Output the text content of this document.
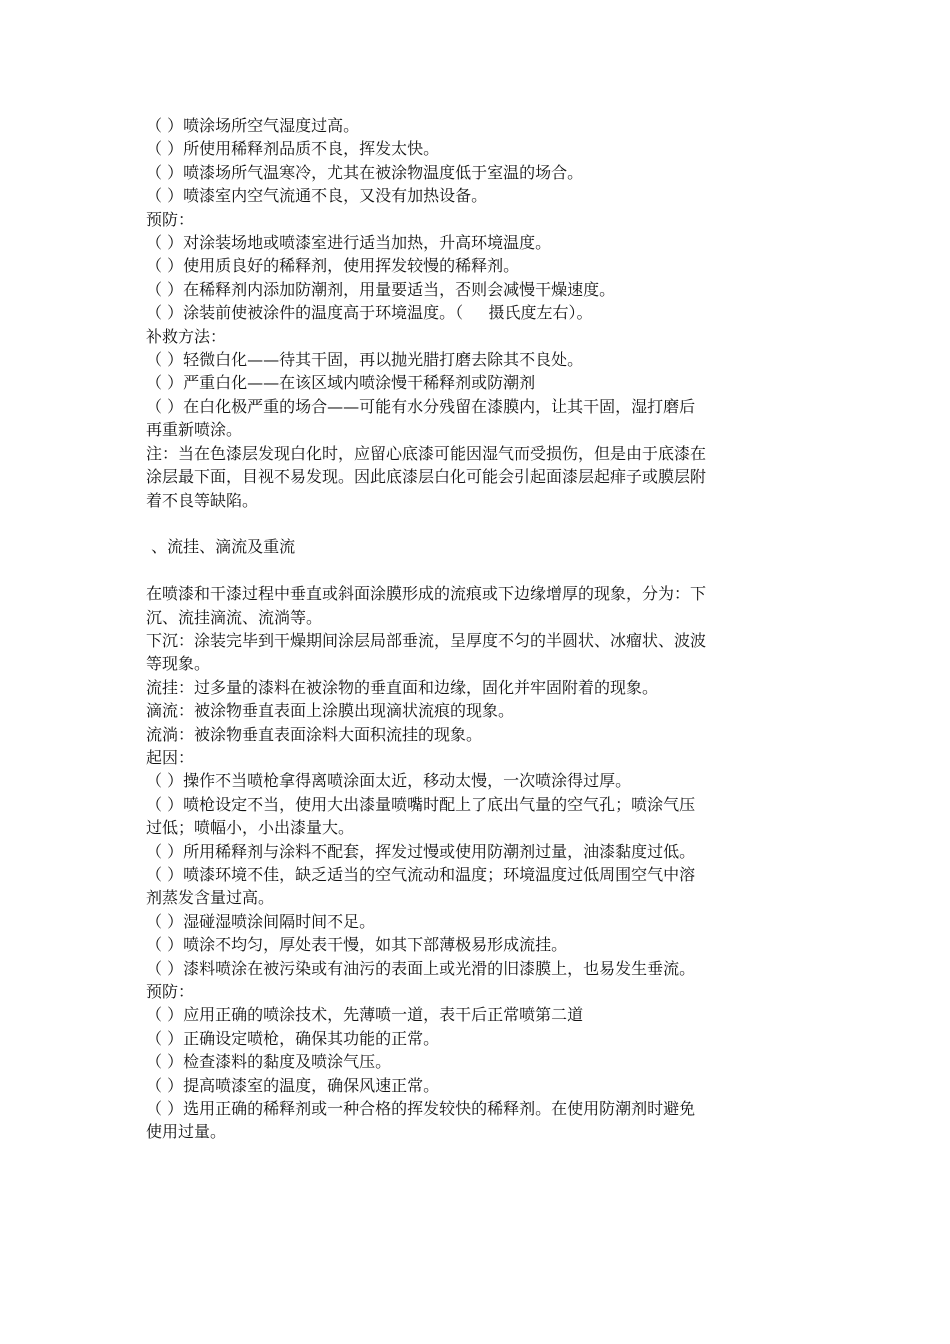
（ ）喷涂场所空气湿度过高。

（ ）所使用稀释剂品质不良，挥发太快。

（ ）喷漆场所气温寒冷，尤其在被涂物温度低于室温的场合。

（ ）喷漆室内空气流通不良，又没有加热设备。

预防：

（ ）对涂装场地或喷漆室进行适当加热，升高环境温度。

（ ）使用质良好的稀释剂，使用挥发较慢的稀释剂。

（ ）在稀释剂内添加防潮剂，用量要适当，否则会减慢干燥速度。

（ ）涂装前使被涂件的温度高于环境温度。（     摄氏度左右）。

补救方法：

（ ）轻微白化——待其干固，再以抛光腊打磨去除其不良处。

（ ）严重白化——在该区域内喷涂慢干稀释剂或防潮剂

（ ）在白化极严重的场合——可能有水分残留在漆膜内，让其干固，湿打磨后

再重新喷涂。

注：当在色漆层发现白化时，应留心底漆可能因湿气而受损伤，但是由于底漆在

涂层最下面，目视不易发现。因此底漆层白化可能会引起面漆层起痱子或膜层附

着不良等缺陷。

、流挂、滴流及重流

在喷漆和干漆过程中垂直或斜面涂膜形成的流痕或下边缘增厚的现象，分为：下

沉、流挂滴流、流淌等。

下沉：涂装完毕到干燥期间涂层局部垂流，呈厚度不匀的半圆状、冰瘤状、波波

等现象。

流挂：过多量的漆料在被涂物的垂直面和边缘，固化并牢固附着的现象。

滴流：被涂物垂直表面上涂膜出现滴状流痕的现象。

流淌：被涂物垂直表面涂料大面积流挂的现象。

起因：

（ ）操作不当喷枪拿得离喷涂面太近，移动太慢，一次喷涂得过厚。

（ ）喷枪设定不当，使用大出漆量喷嘴时配上了底出气量的空气孔；喷涂气压

过低；喷幅小，小出漆量大。

（ ）所用稀释剂与涂料不配套，挥发过慢或使用防潮剂过量，油漆黏度过低。

（ ）喷漆环境不佳，缺乏适当的空气流动和温度；环境温度过低周围空气中溶

剂蒸发含量过高。

（ ）湿碰湿喷涂间隔时间不足。

（ ）喷涂不均匀，厚处表干慢，如其下部薄极易形成流挂。

（ ）漆料喷涂在被污染或有油污的表面上或光滑的旧漆膜上，也易发生垂流。

预防：

（ ）应用正确的喷涂技术，先薄喷一道，表干后正常喷第二道

（ ）正确设定喷枪，确保其功能的正常。

（ ）检查漆料的黏度及喷涂气压。

（ ）提高喷漆室的温度，确保风速正常。

（ ）选用正确的稀释剂或一种合格的挥发较快的稀释剂。在使用防潮剂时避免

使用过量。
